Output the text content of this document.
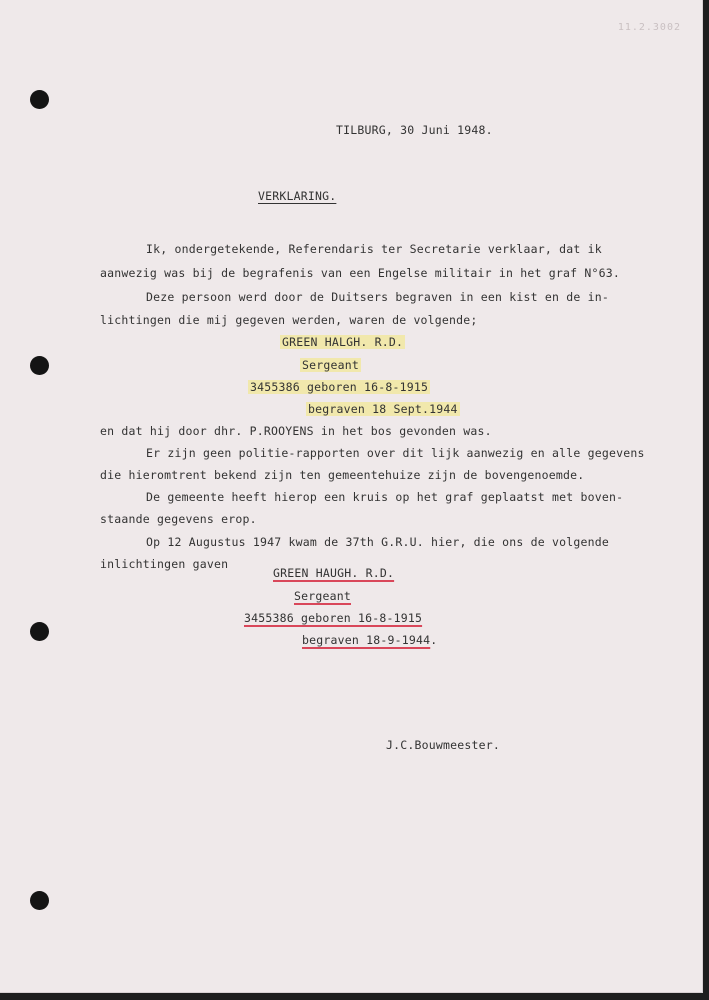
11.2.3002

TILBURG, 30 Juni 1948.

VERKLARING.

Ik, ondergetekende, Referendaris ter Secretarie verklaar, dat ik

aanwezig was bij de begrafenis van een Engelse militair in het graf N°63.

Deze persoon werd door de Duitsers begraven in een kist en de in-

lichtingen die mij gegeven werden, waren de volgende;

GREEN HALGH. R.D.

Sergeant

3455386 geboren 16-8-1915

begraven 18 Sept.1944

en dat hij door dhr. P.ROOYENS in het bos gevonden was.

Er zijn geen politie-rapporten over dit lijk aanwezig en alle gegevens

die hieromtrent bekend zijn ten gemeentehuize zijn de bovengenoemde.

De gemeente heeft hierop een kruis op het graf geplaatst met boven-

staande gegevens erop.

Op 12 Augustus 1947 kwam de 37th G.R.U. hier, die ons de volgende

inlichtingen gaven

GREEN HAUGH. R.D.

Sergeant

3455386 geboren 16-8-1915

begraven 18-9-1944.

J.C.Bouwmeester.
